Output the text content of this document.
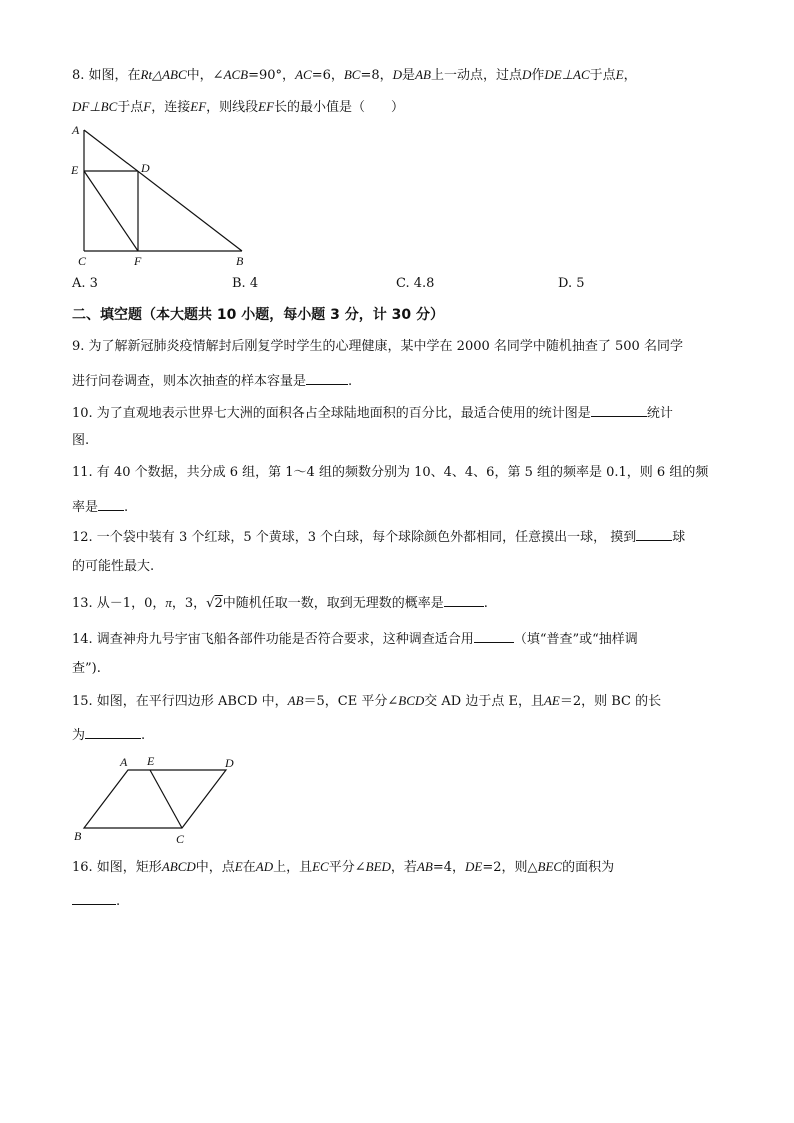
8. 如图，在Rt△ABC中，∠ACB=90°，AC=6，BC=8，D是AB上一动点，过点D作DE⊥AC于点E，
DF⊥BC于点F，连接EF，则线段EF长的最小值是（　　）
A
E	D
C	F	B
A. 3	B. 4	C. 4.8	D. 5
二、填空题（本大题共 10 小题，每小题 3 分，计 30 分）
9. 为了解新冠肺炎疫情解封后刚复学时学生的心理健康，某中学在 2000 名同学中随机抽查了 500 名同学
进行问卷调查，则本次抽查的样本容量是	.
10. 为了直观地表示世界七大洲的面积各占全球陆地面积的百分比，最适合使用的统计图是	统计
图.
11. 有 40 个数据，共分成 6 组，第 1～4 组的频数分别为 10、4、4、6，第 5 组的频率是 0.1，则 6 组的频
率是 .
12. 一个袋中装有 3 个红球，5 个黄球，3 个白球，每个球除颜色外都相同，任意摸出一球， 摸到	球
的可能性最大.
13. 从－1，0，π，3，√2中随机任取一数，取到无理数的概率是	.
14. 调查神舟九号宇宙飞船各部件功能是否符合要求，这种调查适合用	（填“普查”或“抽样调
查”).
15. 如图，在平行四边形 ABCD 中，AB＝5，CE 平分∠BCD交 AD 边于点 E，且AE＝2，则 BC 的长
为	.
A E	D
B	C
16. 如图，矩形ABCD中，点E在AD上，且EC平分∠BED，若AB=4，DE=2，则△BEC的面积为
.
